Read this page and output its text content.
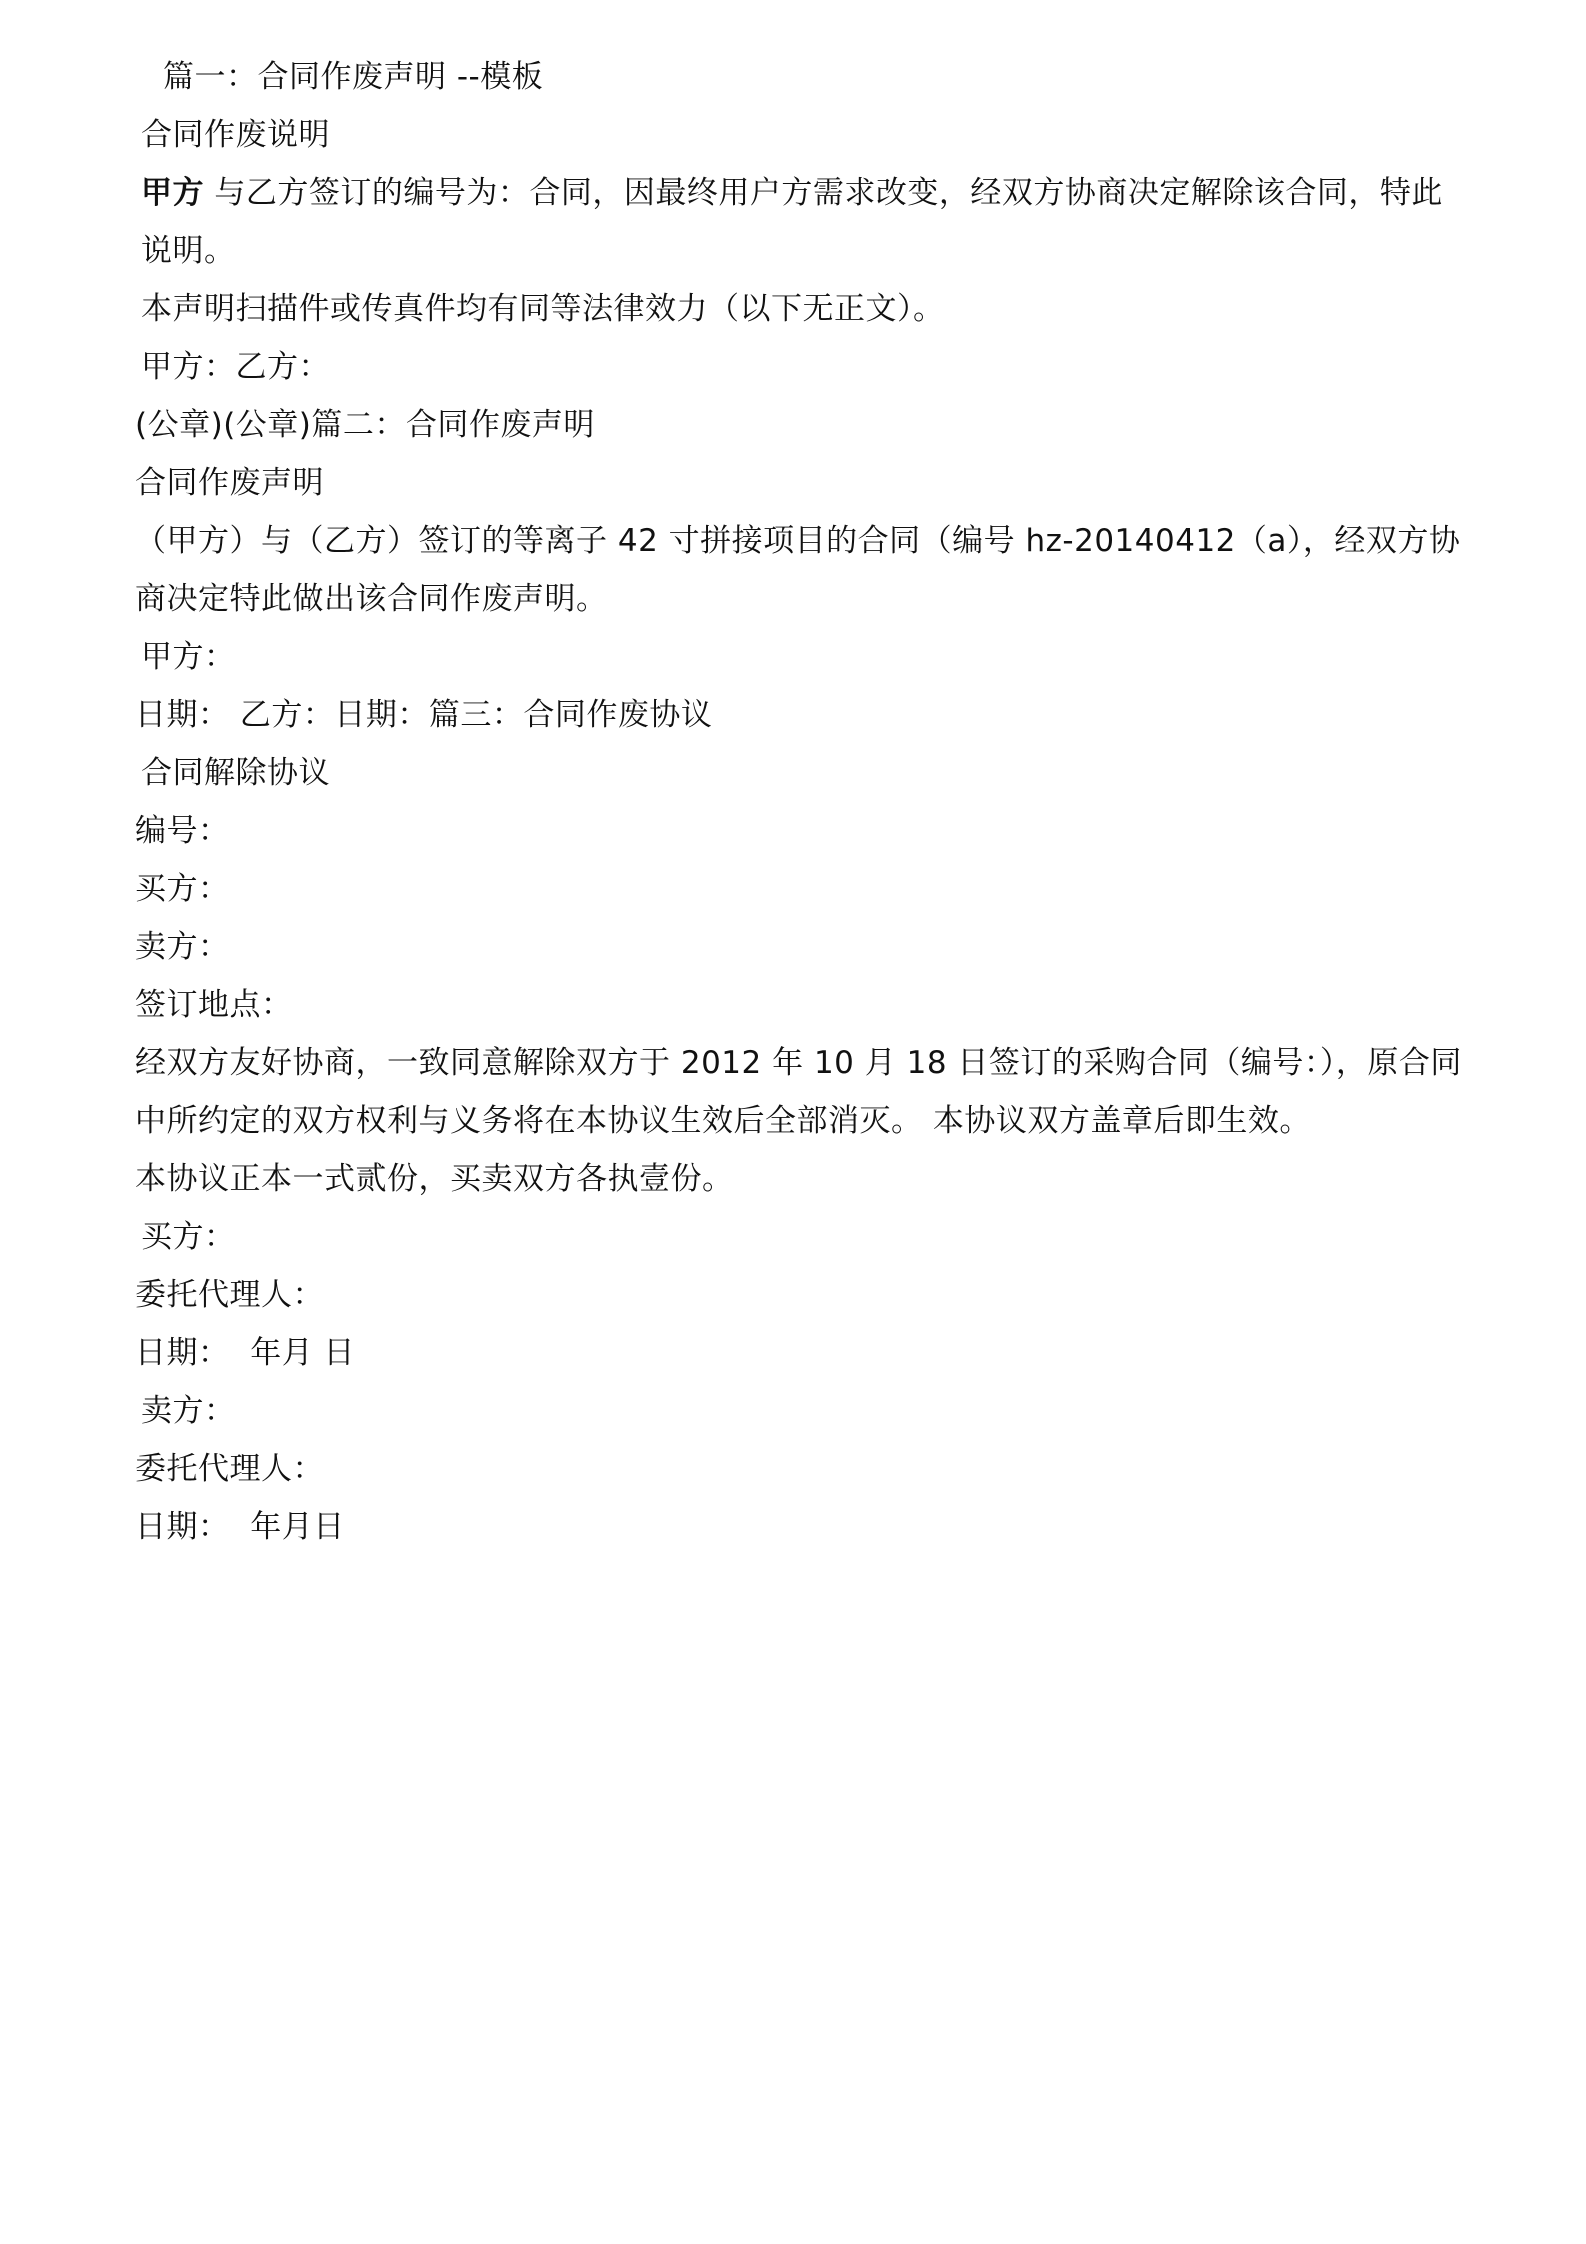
篇一：合同作废声明 --模板

合同作废说明

甲方 与乙方签订的编号为：合同，因最终用户方需求改变，经双方协商决定解除该合同，特此说明。

本声明扫描件或传真件均有同等法律效力（以下无正文）。

甲方：乙方：

(公章)(公章)篇二：合同作废声明

合同作废声明

（甲方）与（乙方）签订的等离子 42 寸拼接项目的合同（编号 hz-20140412（a），经双方协商决定特此做出该合同作废声明。

甲方：

日期： 乙方：日期：篇三：合同作废协议

合同解除协议

编号：

买方：

卖方：

签订地点：

经双方友好协商，一致同意解除双方于 2012 年 10 月 18 日签订的采购合同（编号：），原合同中所约定的双方权利与义务将在本协议生效后全部消灭。 本协议双方盖章后即生效。

本协议正本一式贰份，买卖双方各执壹份。

买方：

委托代理人：

日期：  年月 日

卖方：

委托代理人：

日期：  年月日
